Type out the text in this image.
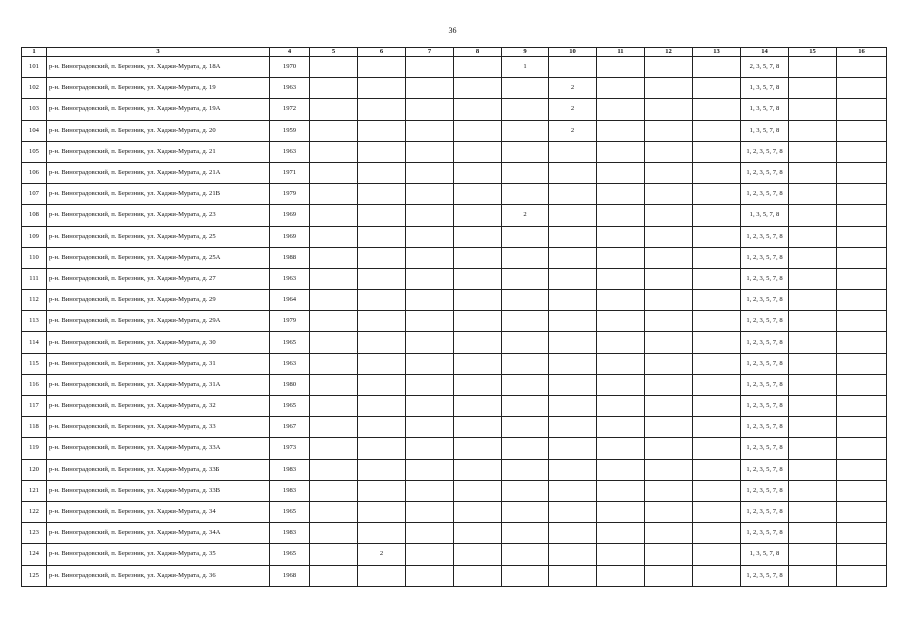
36
1	3	4	5	6	7	8	9	10	11	12	13	14	15	16
101	р-н. Виноградовский, п. Березник, ул. Хаджи-Мурата, д. 18А	1970					1					2, 3, 5, 7, 8		
102	р-н. Виноградовский, п. Березник, ул. Хаджи-Мурата, д. 19	1963						2				1, 3, 5, 7, 8		
103	р-н. Виноградовский, п. Березник, ул. Хаджи-Мурата, д. 19А	1972						2				1, 3, 5, 7, 8		
104	р-н. Виноградовский, п. Березник, ул. Хаджи-Мурата, д. 20	1959						2				1, 3, 5, 7, 8		
105	р-н. Виноградовский, п. Березник, ул. Хаджи-Мурата, д. 21	1963										1, 2, 3, 5, 7, 8		
106	р-н. Виноградовский, п. Березник, ул. Хаджи-Мурата, д. 21А	1971										1, 2, 3, 5, 7, 8		
107	р-н. Виноградовский, п. Березник, ул. Хаджи-Мурата, д. 21В	1979										1, 2, 3, 5, 7, 8		
108	р-н. Виноградовский, п. Березник, ул. Хаджи-Мурата, д. 23	1969					2					1, 3, 5, 7, 8		
109	р-н. Виноградовский, п. Березник, ул. Хаджи-Мурата, д. 25	1969										1, 2, 3, 5, 7, 8		
110	р-н. Виноградовский, п. Березник, ул. Хаджи-Мурата, д. 25А	1988										1, 2, 3, 5, 7, 8		
111	р-н. Виноградовский, п. Березник, ул. Хаджи-Мурата, д. 27	1963										1, 2, 3, 5, 7, 8		
112	р-н. Виноградовский, п. Березник, ул. Хаджи-Мурата, д. 29	1964										1, 2, 3, 5, 7, 8		
113	р-н. Виноградовский, п. Березник, ул. Хаджи-Мурата, д. 29А	1979										1, 2, 3, 5, 7, 8		
114	р-н. Виноградовский, п. Березник, ул. Хаджи-Мурата, д. 30	1965										1, 2, 3, 5, 7, 8		
115	р-н. Виноградовский, п. Березник, ул. Хаджи-Мурата, д. 31	1963										1, 2, 3, 5, 7, 8		
116	р-н. Виноградовский, п. Березник, ул. Хаджи-Мурата, д. 31А	1980										1, 2, 3, 5, 7, 8		
117	р-н. Виноградовский, п. Березник, ул. Хаджи-Мурата, д. 32	1965										1, 2, 3, 5, 7, 8		
118	р-н. Виноградовский, п. Березник, ул. Хаджи-Мурата, д. 33	1967										1, 2, 3, 5, 7, 8		
119	р-н. Виноградовский, п. Березник, ул. Хаджи-Мурата, д. 33А	1973										1, 2, 3, 5, 7, 8		
120	р-н. Виноградовский, п. Березник, ул. Хаджи-Мурата, д. 33Б	1983										1, 2, 3, 5, 7, 8		
121	р-н. Виноградовский, п. Березник, ул. Хаджи-Мурата, д. 33В	1983										1, 2, 3, 5, 7, 8		
122	р-н. Виноградовский, п. Березник, ул. Хаджи-Мурата, д. 34	1965										1, 2, 3, 5, 7, 8		
123	р-н. Виноградовский, п. Березник, ул. Хаджи-Мурата, д. 34А	1983										1, 2, 3, 5, 7, 8		
124	р-н. Виноградовский, п. Березник, ул. Хаджи-Мурата, д. 35	1965		2								1, 3, 5, 7, 8		
125	р-н. Виноградовский, п. Березник, ул. Хаджи-Мурата, д. 36	1968										1, 2, 3, 5, 7, 8		
